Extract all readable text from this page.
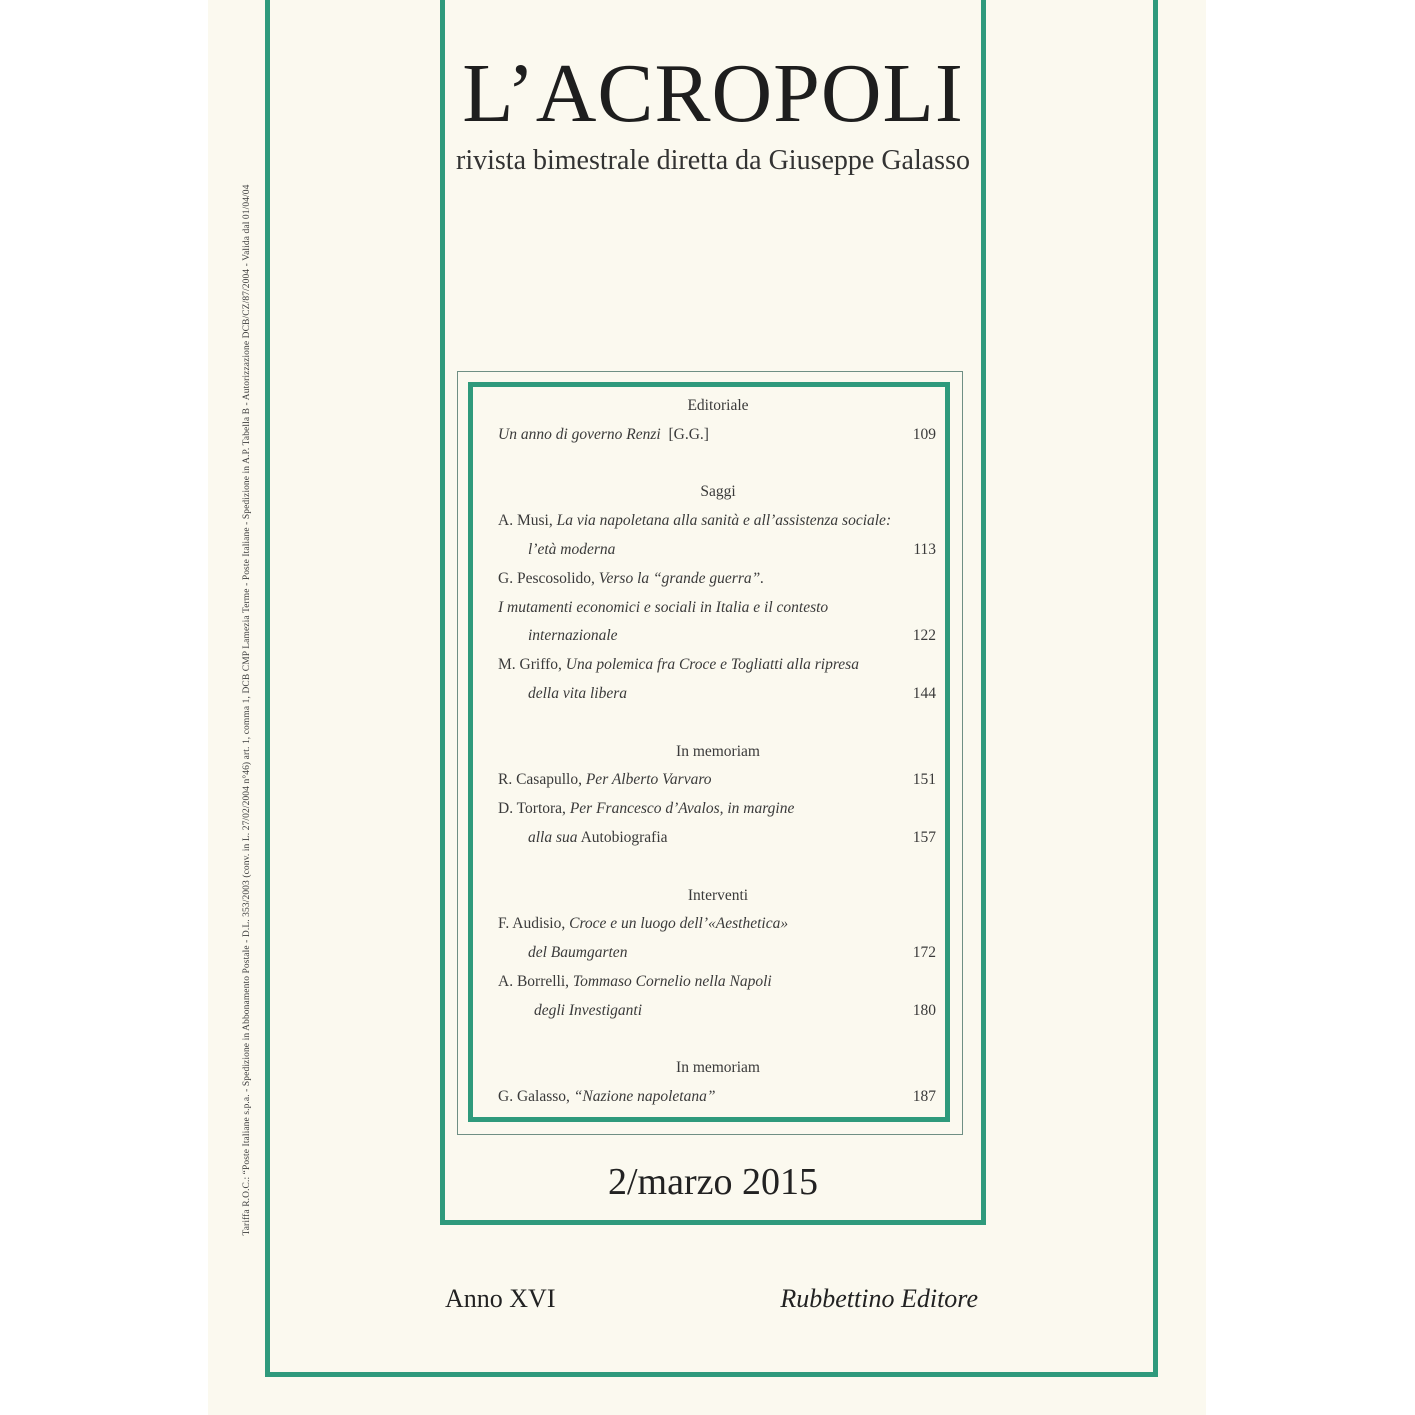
Tariffa R.O.C.: “Poste Italiane s.p.a. - Spedizione in Abbonamento Postale - D.L. 353/2003 (conv. in L. 27/02/2004 n°46) art. 1, comma 1, DCB CMP Lamezia Terme - Poste Italiane - Spedizione in A.P. Tabella B - Autorizzazione DCB/CZ/87/2004 - Valida dal 01/04/04
L’ACROPOLI
rivista bimestrale diretta da Giuseppe Galasso
Editoriale
Un anno di governo Renzi [G.G.]	109
Saggi
A. Musi, La via napoletana alla sanità e all’assistenza sociale:
l’età moderna	113
G. Pescosolido, Verso la “grande guerra”.
I mutamenti economici e sociali in Italia e il contesto
internazionale	122
M. Griffo, Una polemica fra Croce e Togliatti alla ripresa
della vita libera	144
In memoriam
R. Casapullo, Per Alberto Varvaro	151
D. Tortora, Per Francesco d’Avalos, in margine
alla sua Autobiografia	157
Interventi
F. Audisio, Croce e un luogo dell’«Aesthetica»
del Baumgarten	172
A. Borrelli, Tommaso Cornelio nella Napoli
degli Investiganti	180
In memoriam
G. Galasso, “Nazione napoletana”	187
2/marzo 2015
Anno XVI	Rubbettino Editore
